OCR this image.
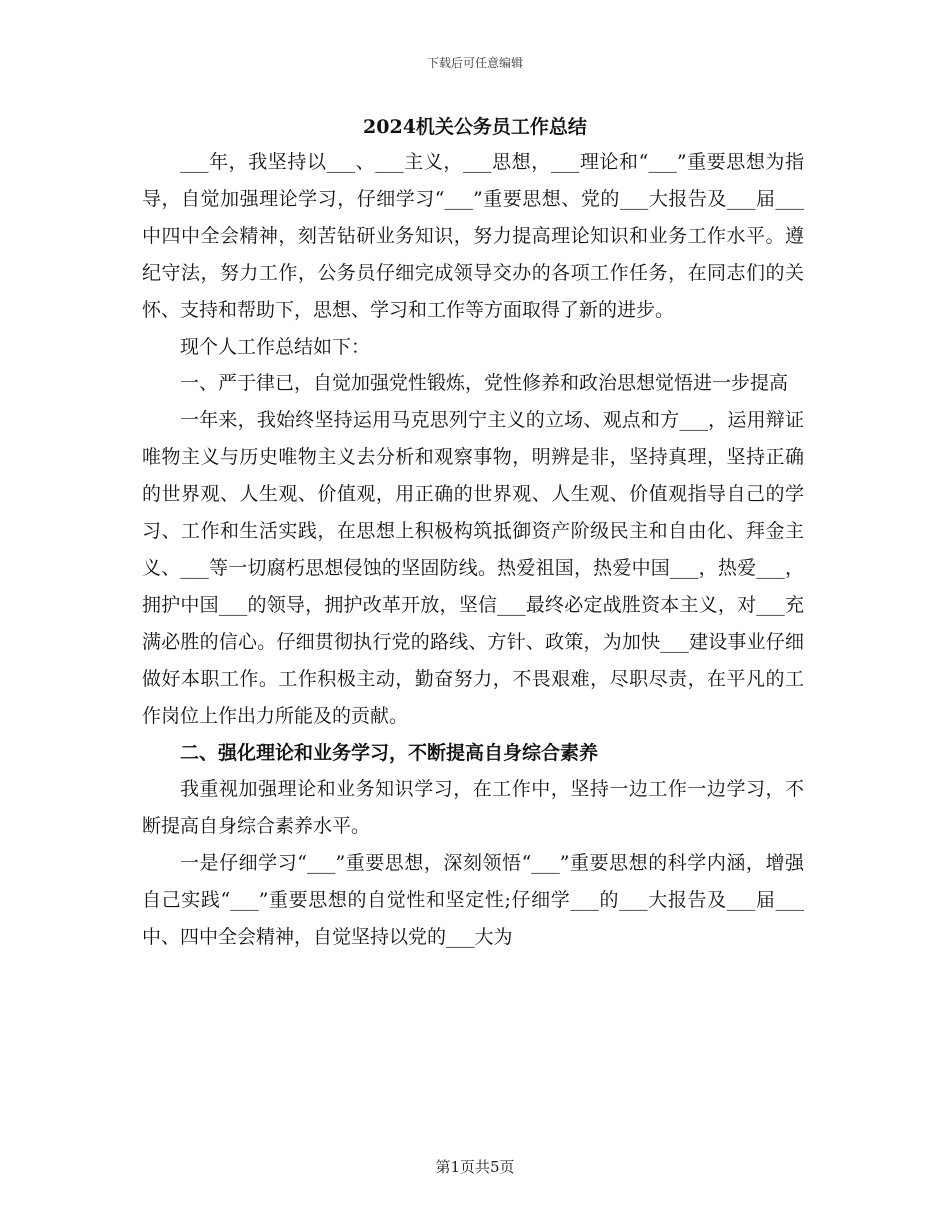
下载后可任意编辑
2024机关公务员工作总结

___年，我坚持以___、___主义，___思想，___理论和“___”重要思想为指导，自觉加强理论学习，仔细学习“___”重要思想、党的___大报告及___届___中四中全会精神，刻苦钻研业务知识，努力提高理论知识和业务工作水平。遵纪守法，努力工作，公务员仔细完成领导交办的各项工作任务，在同志们的关怀、支持和帮助下，思想、学习和工作等方面取得了新的进步。

现个人工作总结如下：

一、严于律已，自觉加强党性锻炼，党性修养和政治思想觉悟进一步提高

一年来，我始终坚持运用马克思列宁主义的立场、观点和方___，运用辩证唯物主义与历史唯物主义去分析和观察事物，明辨是非，坚持真理，坚持正确的世界观、人生观、价值观，用正确的世界观、人生观、价值观指导自己的学习、工作和生活实践，在思想上积极构筑抵御资产阶级民主和自由化、拜金主义、___等一切腐朽思想侵蚀的坚固防线。热爱祖国，热爱中国___，热爱___，拥护中国___的领导，拥护改革开放，坚信___最终必定战胜资本主义，对___充满必胜的信心。仔细贯彻执行党的路线、方针、政策，为加快___建设事业仔细做好本职工作。工作积极主动，勤奋努力，不畏艰难，尽职尽责，在平凡的工作岗位上作出力所能及的贡献。

二、强化理论和业务学习，不断提高自身综合素养

我重视加强理论和业务知识学习，在工作中，坚持一边工作一边学习，不断提高自身综合素养水平。

一是仔细学习“___”重要思想，深刻领悟“___”重要思想的科学内涵，增强自己实践“___”重要思想的自觉性和坚定性;仔细学___的___大报告及___届___中、四中全会精神，自觉坚持以党的___大为

第1页共5页
